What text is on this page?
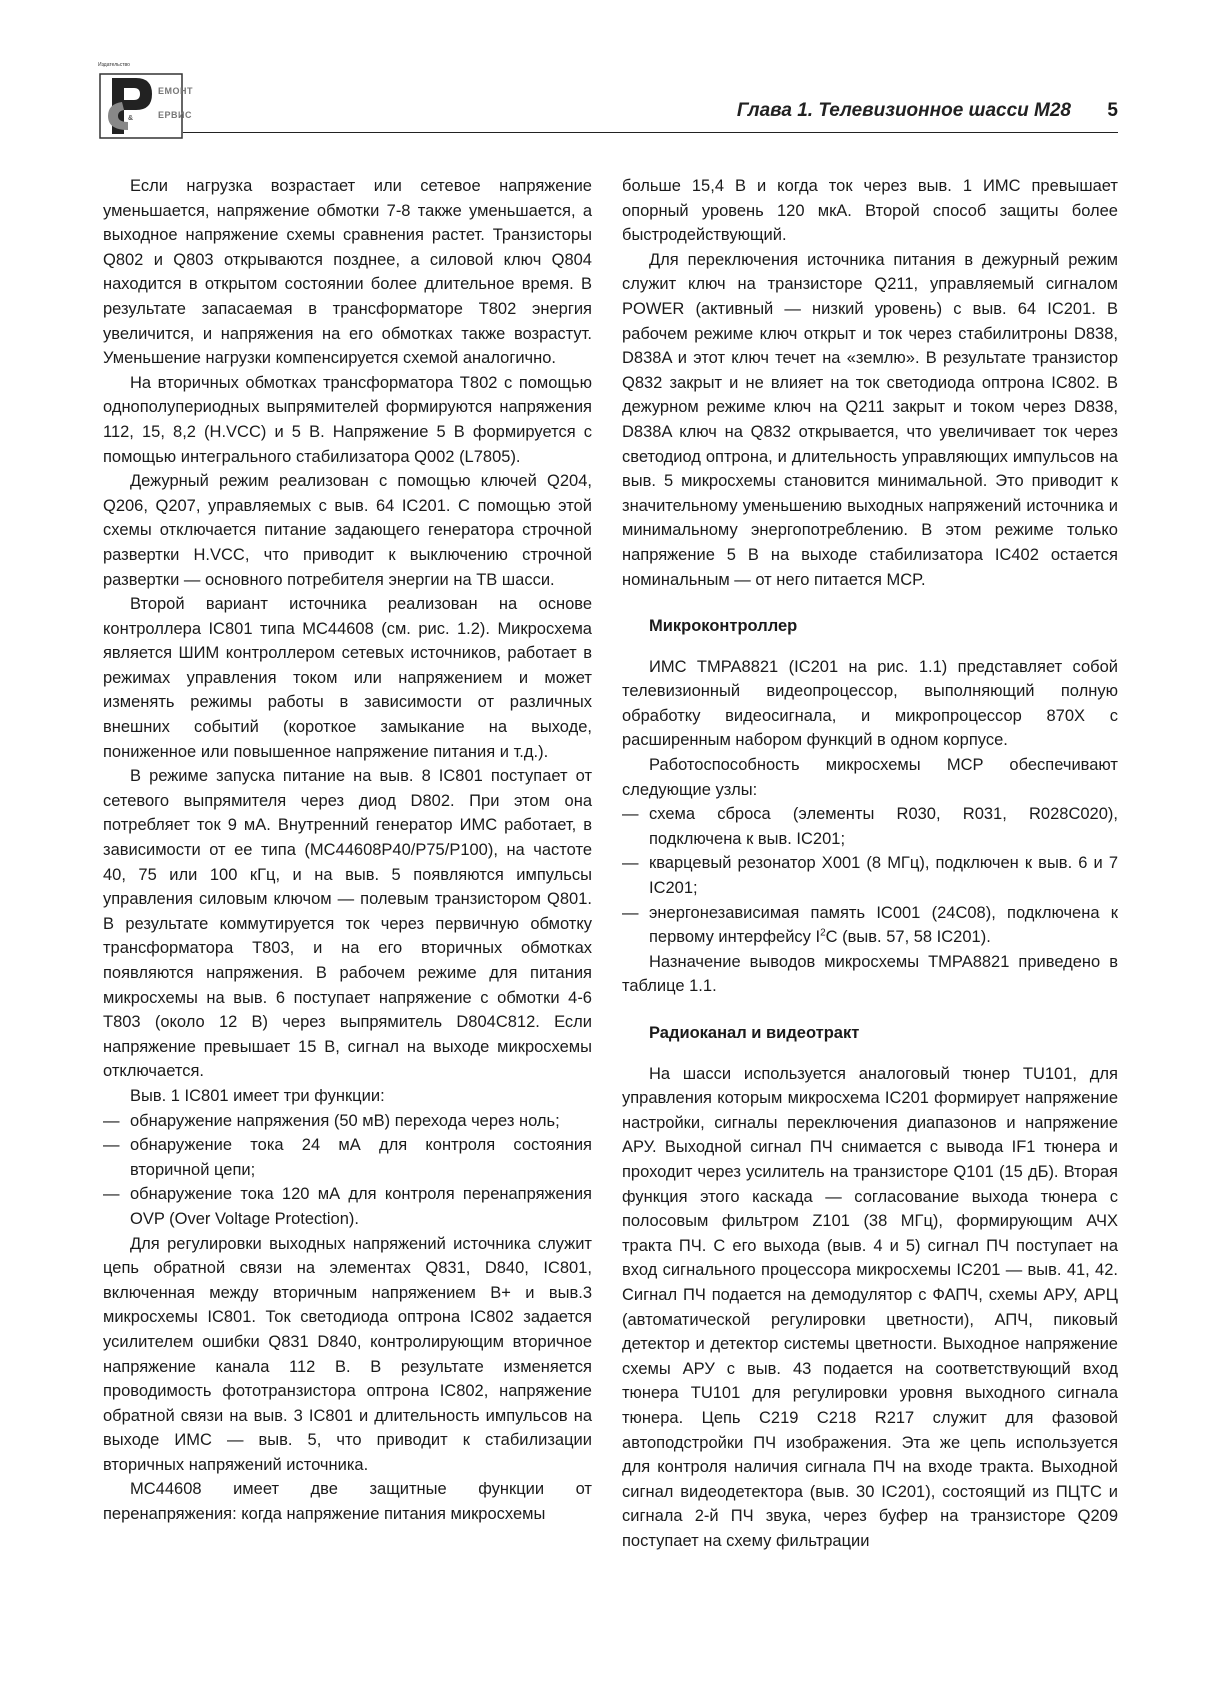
Издательство
&
ЕМОНТ
ЕРВИС	Глава 1. Телевизионное шасси М28 5

Если нагрузка возрастает или сетевое напряжение уменьшается, напряжение обмотки 7-8 также уменьшается, а выходное напряжение схемы сравнения растет. Транзисторы Q802 и Q803 открываются позднее, а силовой ключ Q804 находится в открытом состоянии более длительное время. В результате запасаемая в трансформаторе T802 энергия увеличится, и напряжения на его обмотках также возрастут. Уменьшение нагрузки компенсируется схемой аналогично.

На вторичных обмотках трансформатора T802 с помощью однополупериодных выпрямителей формируются напряжения 112, 15, 8,2 (H.VCC) и 5 В. Напряжение 5 В формируется с помощью интегрального стабилизатора Q002 (L7805).

Дежурный режим реализован с помощью ключей Q204, Q206, Q207, управляемых с выв. 64 IC201. С помощью этой схемы отключается питание задающего генератора строчной развертки H.VCC, что приводит к выключению строчной развертки — основного потребителя энергии на ТВ шасси.

Второй вариант источника реализован на основе контроллера IC801 типа MC44608 (см. рис. 1.2). Микросхема является ШИМ контроллером сетевых источников, работает в режимах управления током или напряжением и может изменять режимы работы в зависимости от различных внешних событий (короткое замыкание на выходе, пониженное или повышенное напряжение питания и т.д.).

В режиме запуска питание на выв. 8 IC801 поступает от сетевого выпрямителя через диод D802. При этом она потребляет ток 9 мА. Внутренний генератор ИМС работает, в зависимости от ее типа (MC44608P40/P75/P100), на частоте 40, 75 или 100 кГц, и на выв. 5 появляются импульсы управления силовым ключом — полевым транзистором Q801. В результате коммутируется ток через первичную обмотку трансформатора T803, и на его вторичных обмотках появляются напряжения. В рабочем режиме для питания микросхемы на выв. 6 поступает напряжение с обмотки 4-6 T803 (около 12 В) через выпрямитель D804C812. Если напряжение превышает 15 В, сигнал на выходе микросхемы отключается.

Выв. 1 IC801 имеет три функции:

— обнаружение напряжения (50 мВ) перехода через ноль;
— обнаружение тока 24 мА для контроля состояния вторичной цепи;
— обнаружение тока 120 мА для контроля перенапряжения OVP (Over Voltage Protection).

Для регулировки выходных напряжений источника служит цепь обратной связи на элементах Q831, D840, IC801, включенная между вторичным напряжением B+ и выв.3 микросхемы IC801. Ток светодиода оптрона IC802 задается усилителем ошибки Q831 D840, контролирующим вторичное напряжение канала 112 В. В результате изменяется проводимость фототранзистора оптрона IC802, напряжение обратной связи на выв. 3 IC801 и длительность импульсов на выходе ИМС — выв. 5, что приводит к стабилизации вторичных напряжений источника.

MC44608 имеет две защитные функции от перенапряжения: когда напряжение питания микросхемы

больше 15,4 В и когда ток через выв. 1 ИМС превышает опорный уровень 120 мкА. Второй способ защиты более быстродействующий.

Для переключения источника питания в дежурный режим служит ключ на транзисторе Q211, управляемый сигналом POWER (активный — низкий уровень) с выв. 64 IC201. В рабочем режиме ключ открыт и ток через стабилитроны D838, D838A и этот ключ течет на «землю». В результате транзистор Q832 закрыт и не влияет на ток светодиода оптрона IC802. В дежурном режиме ключ на Q211 закрыт и током через D838, D838A ключ на Q832 открывается, что увеличивает ток через светодиод оптрона, и длительность управляющих импульсов на выв. 5 микросхемы становится минимальной. Это приводит к значительному уменьшению выходных напряжений источника и минимальному энергопотреблению. В этом режиме только напряжение 5 В на выходе стабилизатора IC402 остается номинальным — от него питается MCP.

Микроконтроллер

ИМС TMPA8821 (IC201 на рис. 1.1) представляет собой телевизионный видеопроцессор, выполняющий полную обработку видеосигнала, и микропроцессор 870X с расширенным набором функций в одном корпусе.

Работоспособность микросхемы MCP обеспечивают следующие узлы:

— схема сброса (элементы R030, R031, R028C020), подключена к выв. IC201;
— кварцевый резонатор X001 (8 МГц), подключен к выв. 6 и 7 IC201;
— энергонезависимая память IC001 (24C08), подключена к первому интерфейсу $I^2C$ (выв. 57, 58 IC201).

Назначение выводов микросхемы TMPA8821 приведено в таблице 1.1.

Радиоканал и видеотракт

На шасси используется аналоговый тюнер TU101, для управления которым микросхема IC201 формирует напряжение настройки, сигналы переключения диапазонов и напряжение АРУ. Выходной сигнал ПЧ снимается с вывода IF1 тюнера и проходит через усилитель на транзисторе Q101 (15 дБ). Вторая функция этого каскада — согласование выхода тюнера с полосовым фильтром Z101 (38 МГц), формирующим АЧХ тракта ПЧ. С его выхода (выв. 4 и 5) сигнал ПЧ поступает на вход сигнального процессора микросхемы IC201 — выв. 41, 42. Сигнал ПЧ подается на демодулятор с ФАПЧ, схемы АРУ, АРЦ (автоматической регулировки цветности), АПЧ, пиковый детектор и детектор системы цветности. Выходное напряжение схемы АРУ с выв. 43 подается на соответствующий вход тюнера TU101 для регулировки уровня выходного сигнала тюнера. Цепь C219 C218 R217 служит для фазовой автоподстройки ПЧ изображения. Эта же цепь используется для контроля наличия сигнала ПЧ на входе тракта. Выходной сигнал видеодетектора (выв. 30 IC201), состоящий из ПЦТС и сигнала 2-й ПЧ звука, через буфер на транзисторе Q209 поступает на схему фильтрации
